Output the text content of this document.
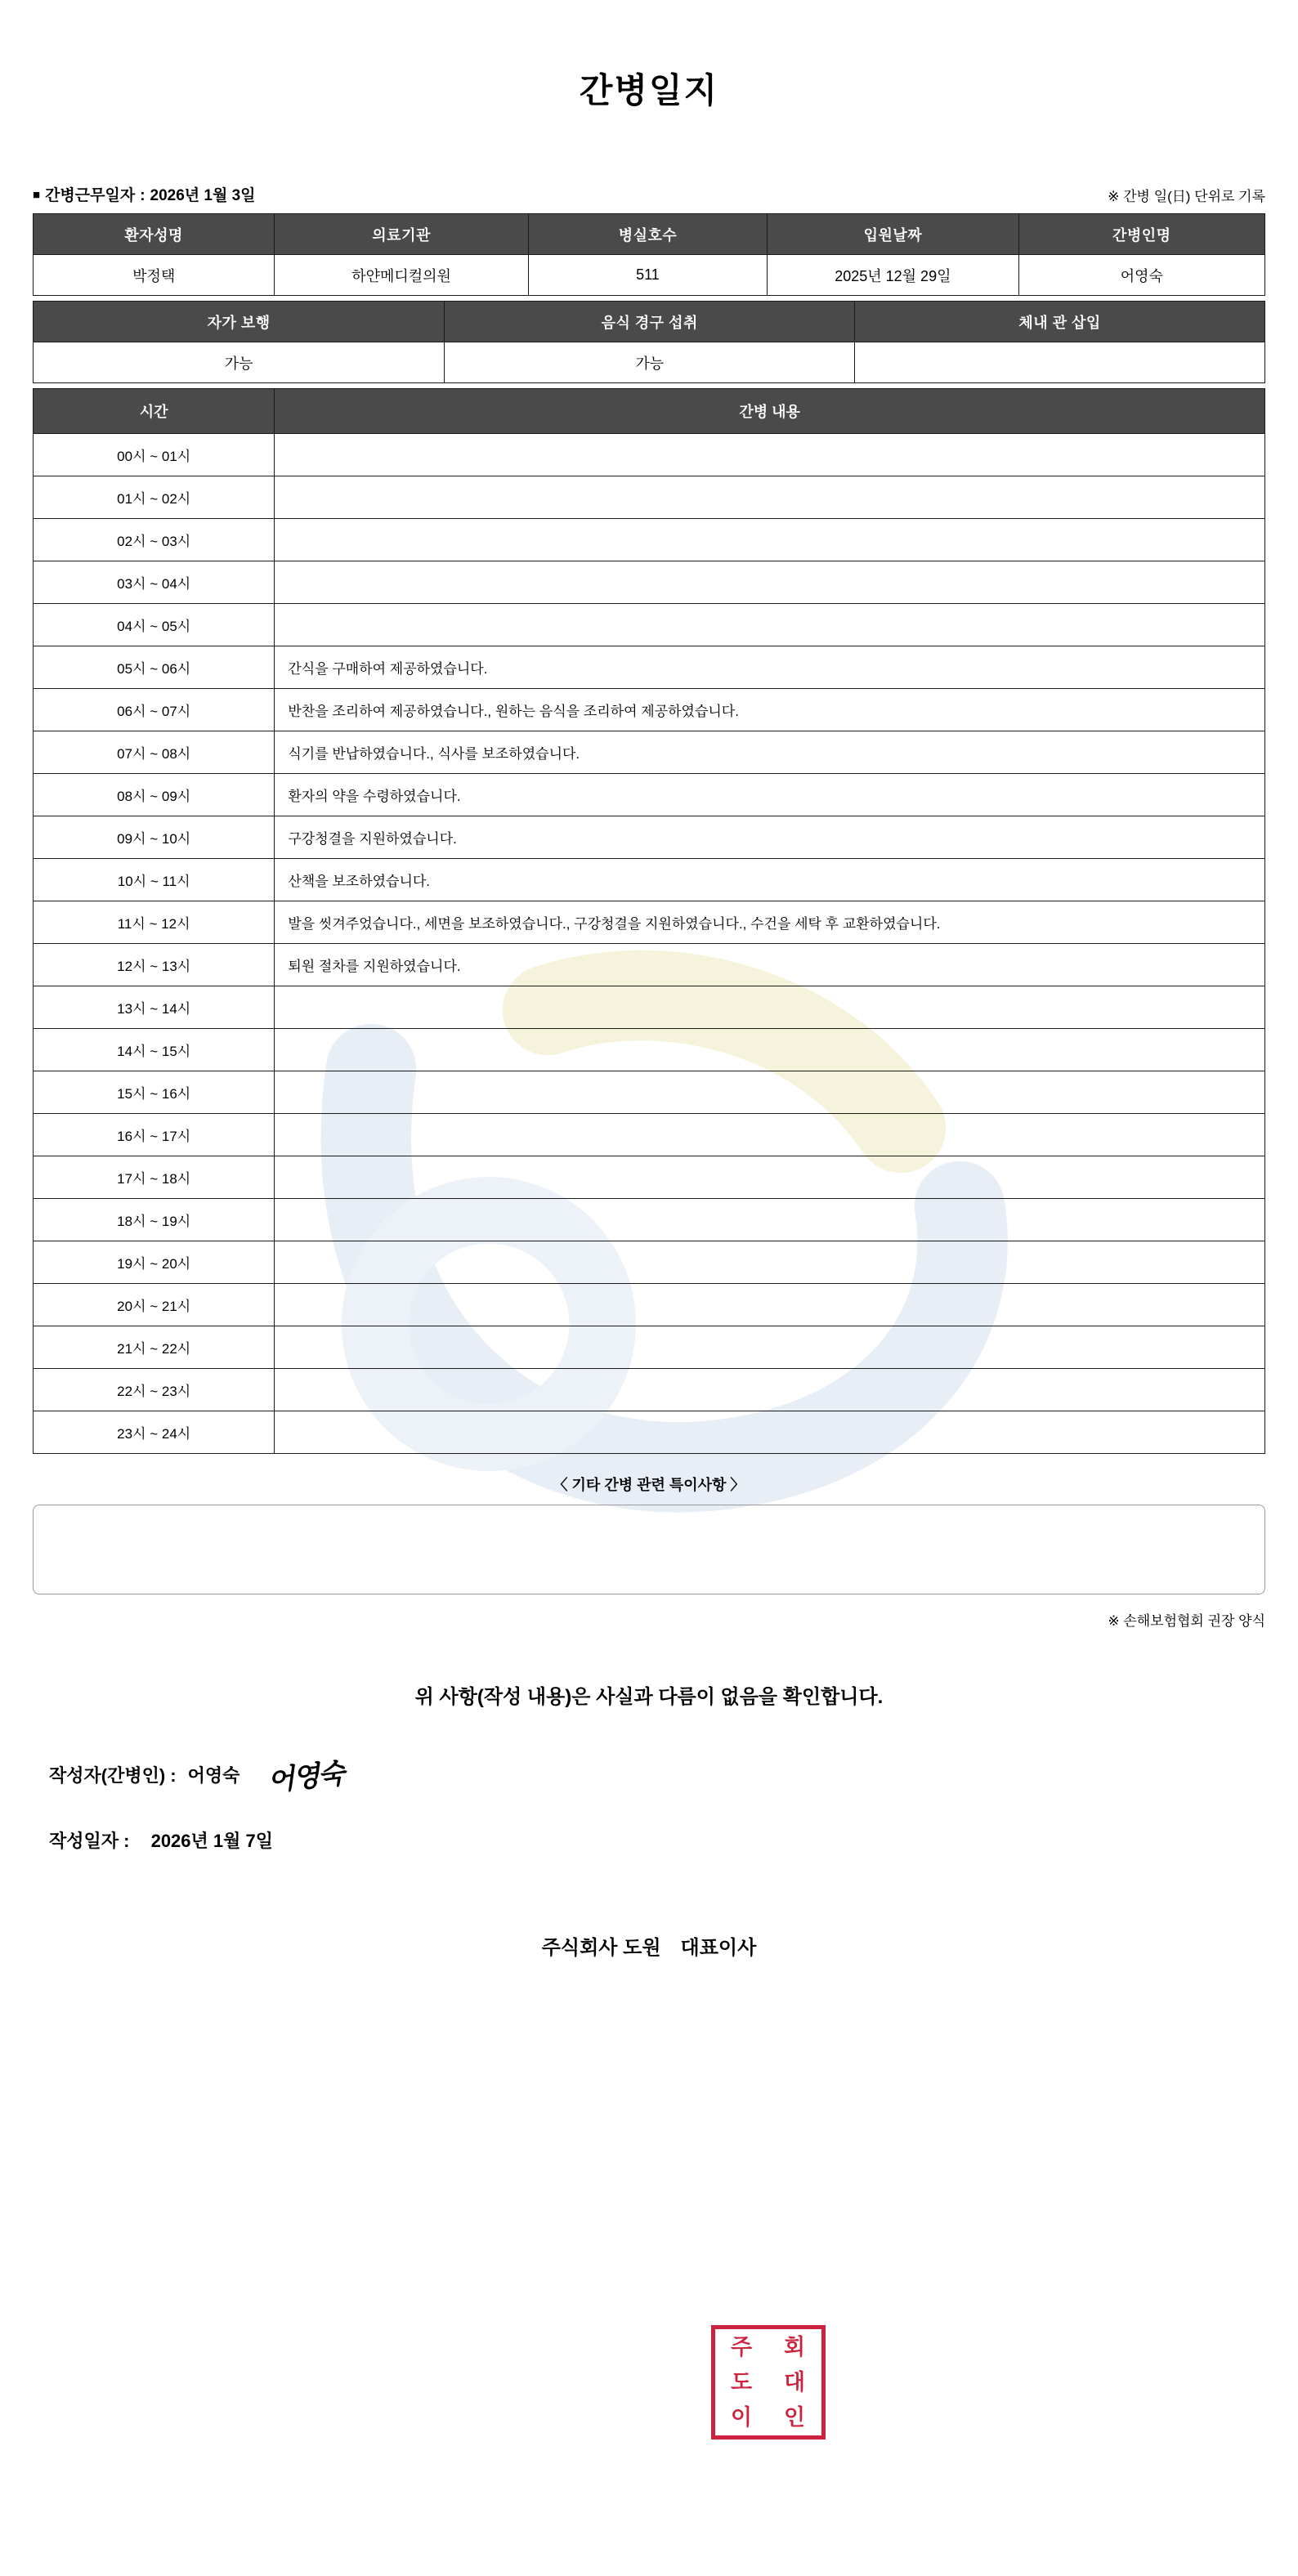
간병일지
■ 간병근무일자 : 2026년 1월 3일	※ 간병 일(日) 단위로 기록
환자성명	의료기관	병실호수	입원날짜	간병인명
박정택	하얀메디컬의원	511	2025년 12월 29일	어영숙
자가 보행	음식 경구 섭취	체내 관 삽입
가능	가능	
시간	간병 내용
00시 ~ 01시	
01시 ~ 02시	
02시 ~ 03시	
03시 ~ 04시	
04시 ~ 05시	
05시 ~ 06시	간식을 구매하여 제공하였습니다.
06시 ~ 07시	반찬을 조리하여 제공하였습니다., 원하는 음식을 조리하여 제공하였습니다.
07시 ~ 08시	식기를 반납하였습니다., 식사를 보조하였습니다.
08시 ~ 09시	환자의 약을 수령하였습니다.
09시 ~ 10시	구강청결을 지원하였습니다.
10시 ~ 11시	산책을 보조하였습니다.
11시 ~ 12시	발을 씻겨주었습니다., 세면을 보조하였습니다., 구강청결을 지원하였습니다., 수건을 세탁 후 교환하였습니다.
12시 ~ 13시	퇴원 절차를 지원하였습니다.
13시 ~ 14시	
14시 ~ 15시	
15시 ~ 16시	
16시 ~ 17시	
17시 ~ 18시	
18시 ~ 19시	
19시 ~ 20시	
20시 ~ 21시	
21시 ~ 22시	
22시 ~ 23시	
23시 ~ 24시	
〈 기타 간병 관련 특이사항 〉
※ 손해보험협회 권장 양식
위 사항(작성 내용)은 사실과 다름이 없음을 확인합니다.
작성자(간병인) : 어영숙 어영숙
작성일자 : 2026년 1월 7일
주식회사 도원 대표이사
주 회
도 대
이 인
